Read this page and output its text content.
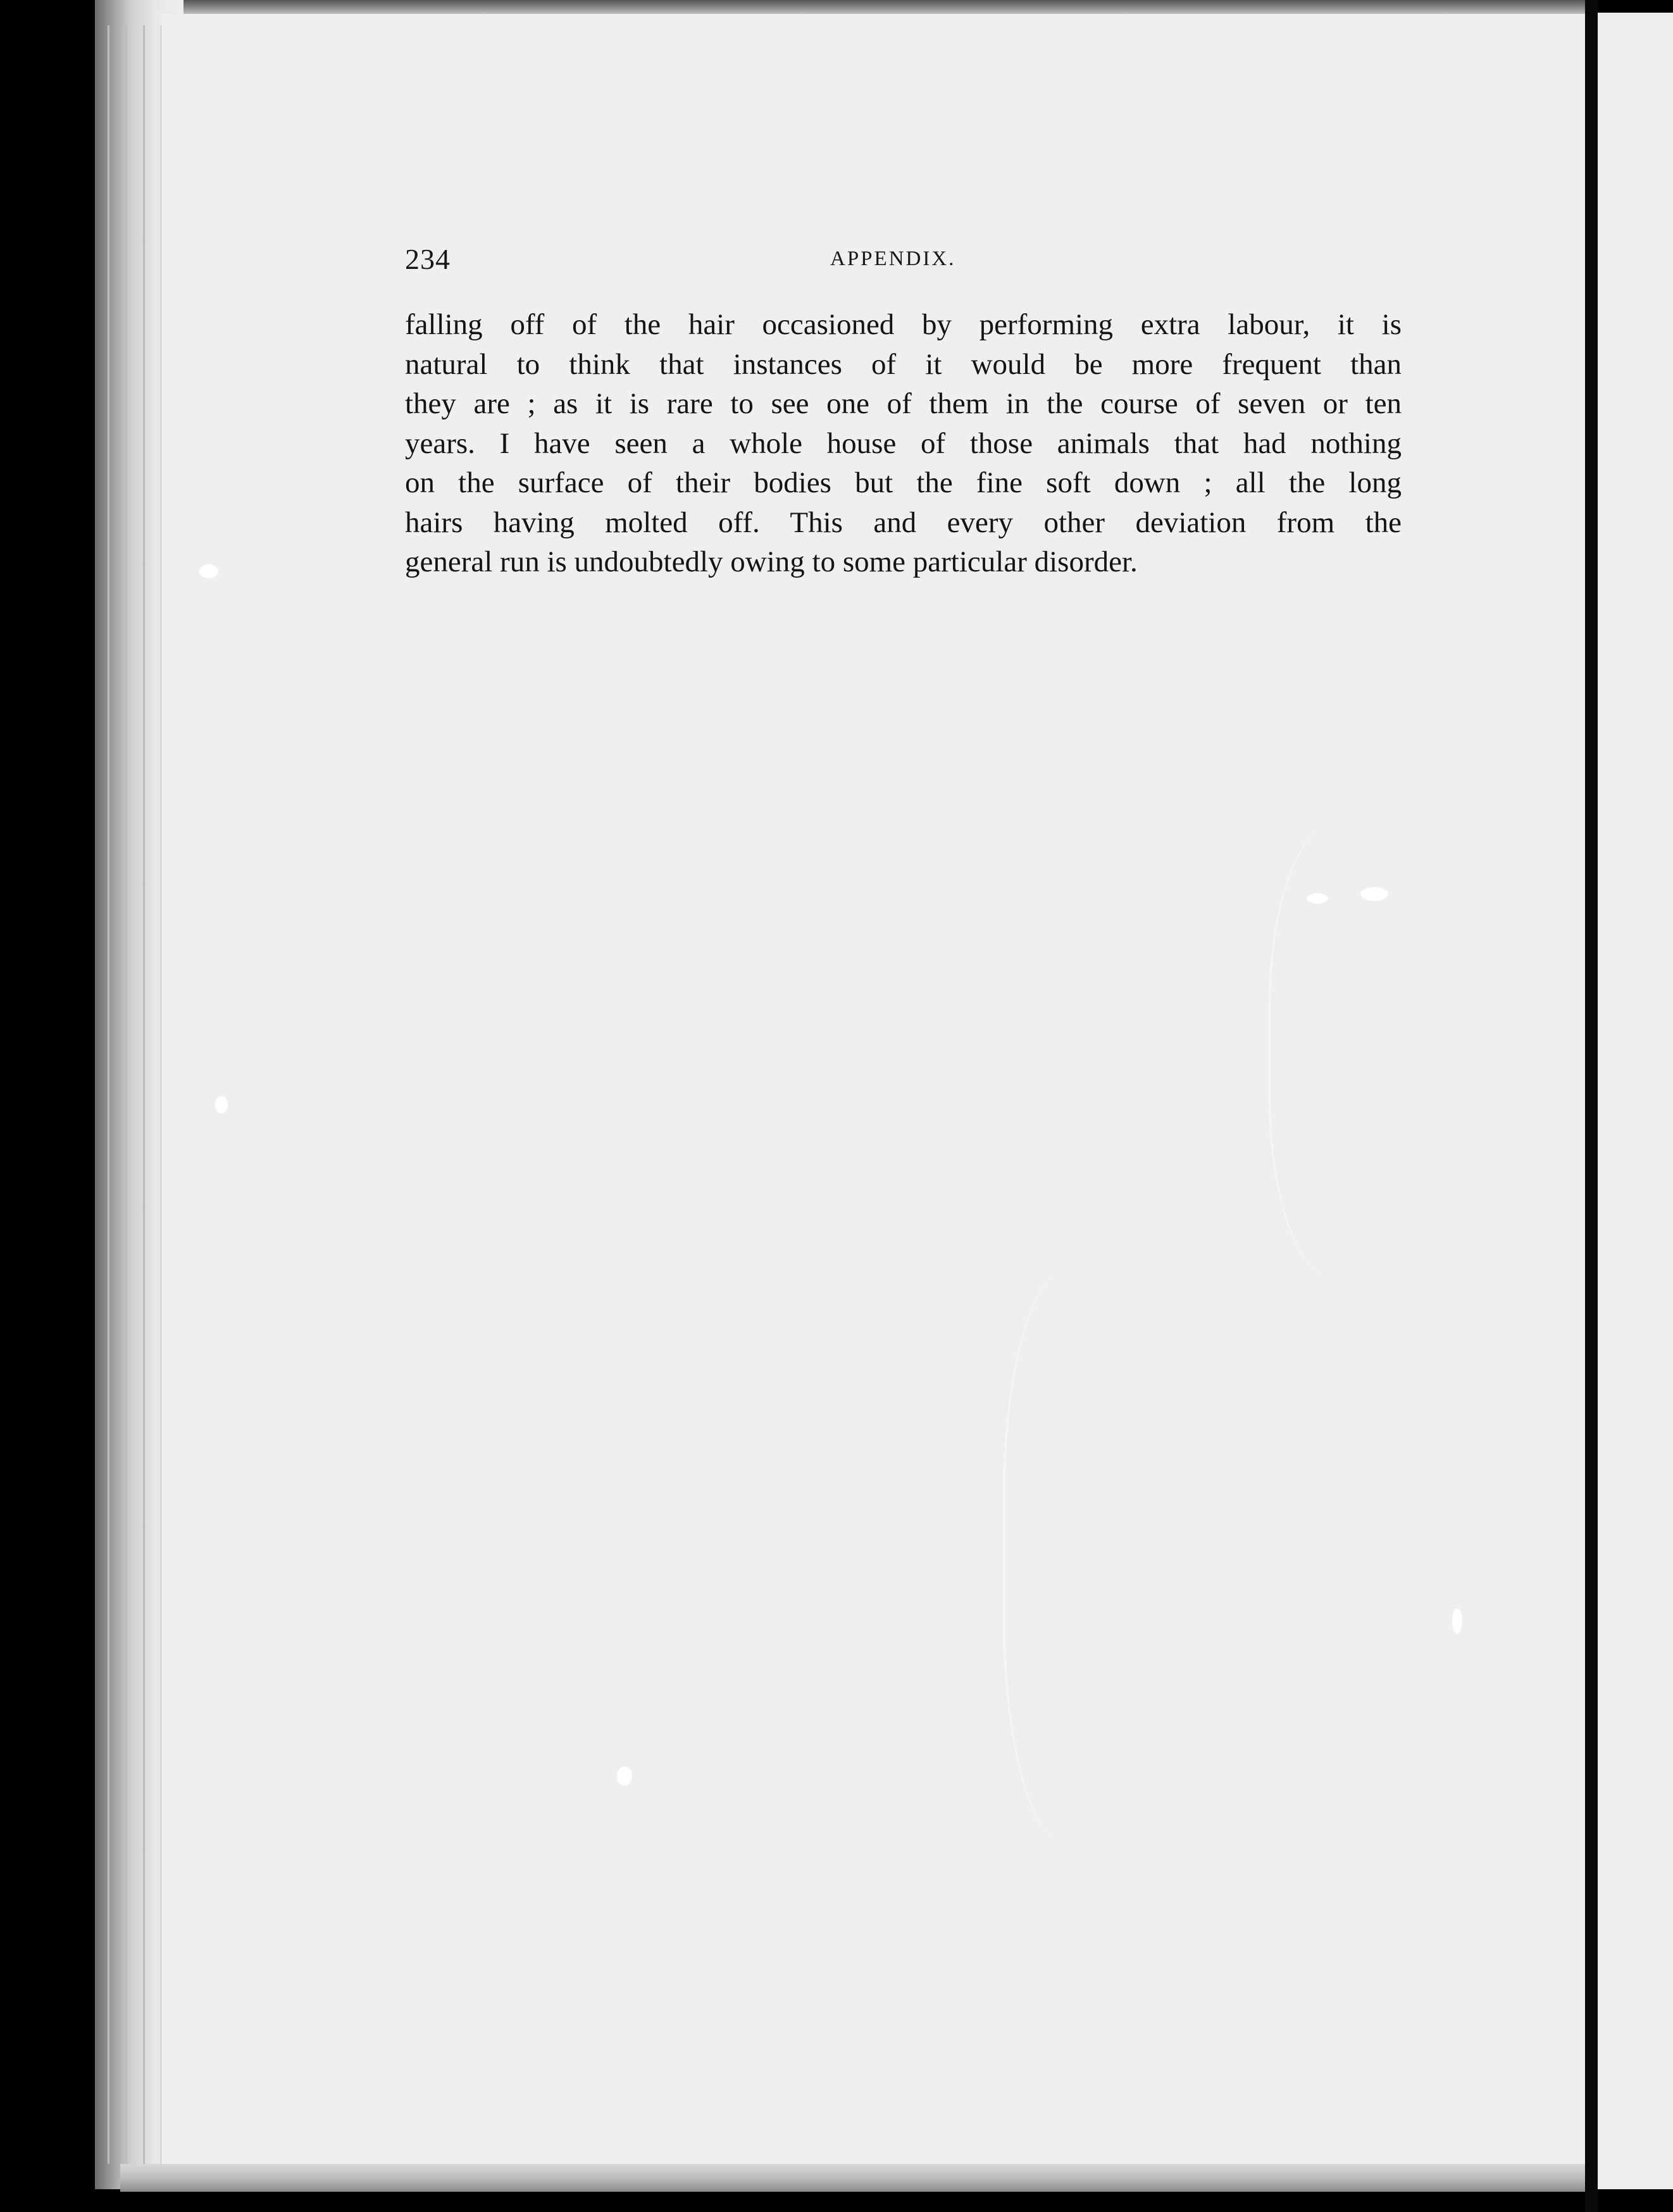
234	APPENDIX.
falling off of the hair occasioned by performing extra labour, it is
natural to think that instances of it would be more frequent than
they are ; as it is rare to see one of them in the course of seven or ten
years. I have seen a whole house of those animals that had nothing
on the surface of their bodies but the fine soft down ; all the long
hairs having molted off. This and every other deviation from the
general run is undoubtedly owing to some particular disorder.
